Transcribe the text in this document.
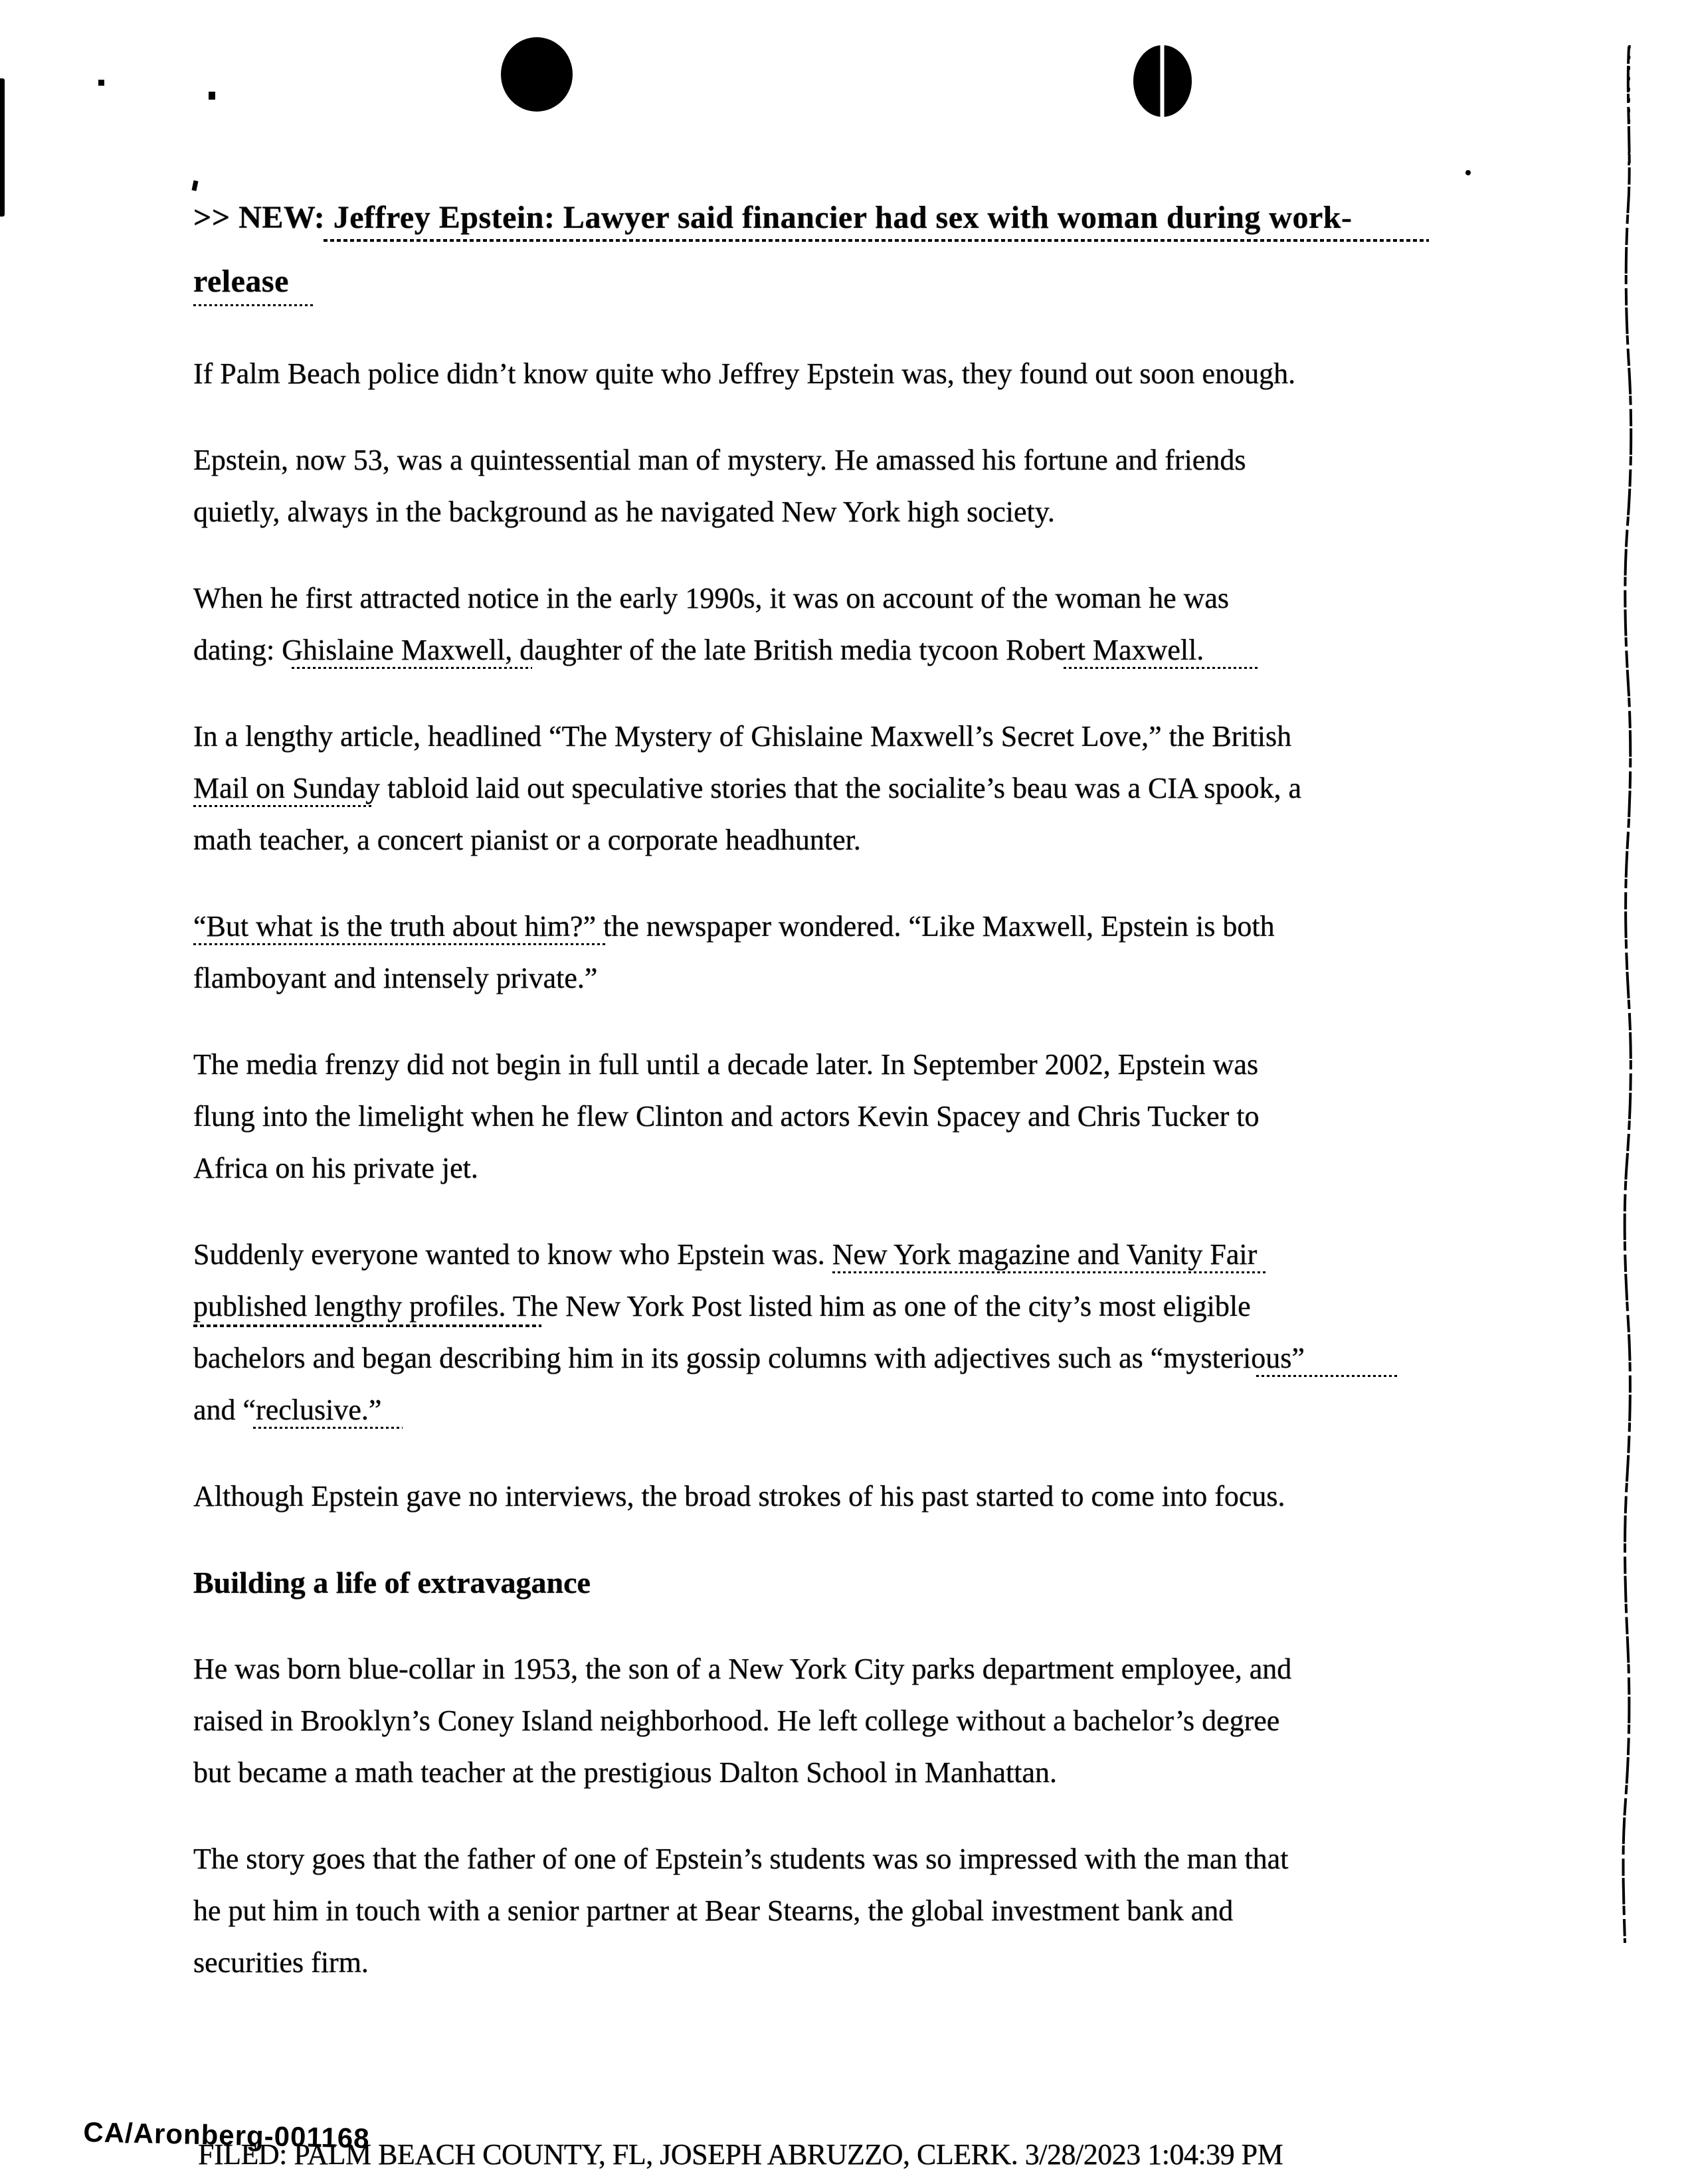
>> NEW: Jeffrey Epstein: Lawyer said financier had sex with woman during work-
release
If Palm Beach police didn’t know quite who Jeffrey Epstein was, they found out soon enough.
Epstein, now 53, was a quintessential man of mystery. He amassed his fortune and friends
quietly, always in the background as he navigated New York high society.
When he first attracted notice in the early 1990s, it was on account of the woman he was
dating: Ghislaine Maxwell, daughter of the late British media tycoon Robert Maxwell.
In a lengthy article, headlined “The Mystery of Ghislaine Maxwell’s Secret Love,” the British
Mail on Sunday tabloid laid out speculative stories that the socialite’s beau was a CIA spook, a
math teacher, a concert pianist or a corporate headhunter.
“But what is the truth about him?” the newspaper wondered. “Like Maxwell, Epstein is both
flamboyant and intensely private.”
The media frenzy did not begin in full until a decade later. In September 2002, Epstein was
flung into the limelight when he flew Clinton and actors Kevin Spacey and Chris Tucker to
Africa on his private jet.
Suddenly everyone wanted to know who Epstein was. New York magazine and Vanity Fair
published lengthy profiles. The New York Post listed him as one of the city’s most eligible
bachelors and began describing him in its gossip columns with adjectives such as “mysterious”
and “reclusive.”
Although Epstein gave no interviews, the broad strokes of his past started to come into focus.
Building a life of extravagance
He was born blue-collar in 1953, the son of a New York City parks department employee, and
raised in Brooklyn’s Coney Island neighborhood. He left college without a bachelor’s degree
but became a math teacher at the prestigious Dalton School in Manhattan.
The story goes that the father of one of Epstein’s students was so impressed with the man that
he put him in touch with a senior partner at Bear Stearns, the global investment bank and
securities firm.
CA/Aronberg-001168
FILED: PALM BEACH COUNTY, FL, JOSEPH ABRUZZO, CLERK. 3/28/2023 1:04:39 PM
